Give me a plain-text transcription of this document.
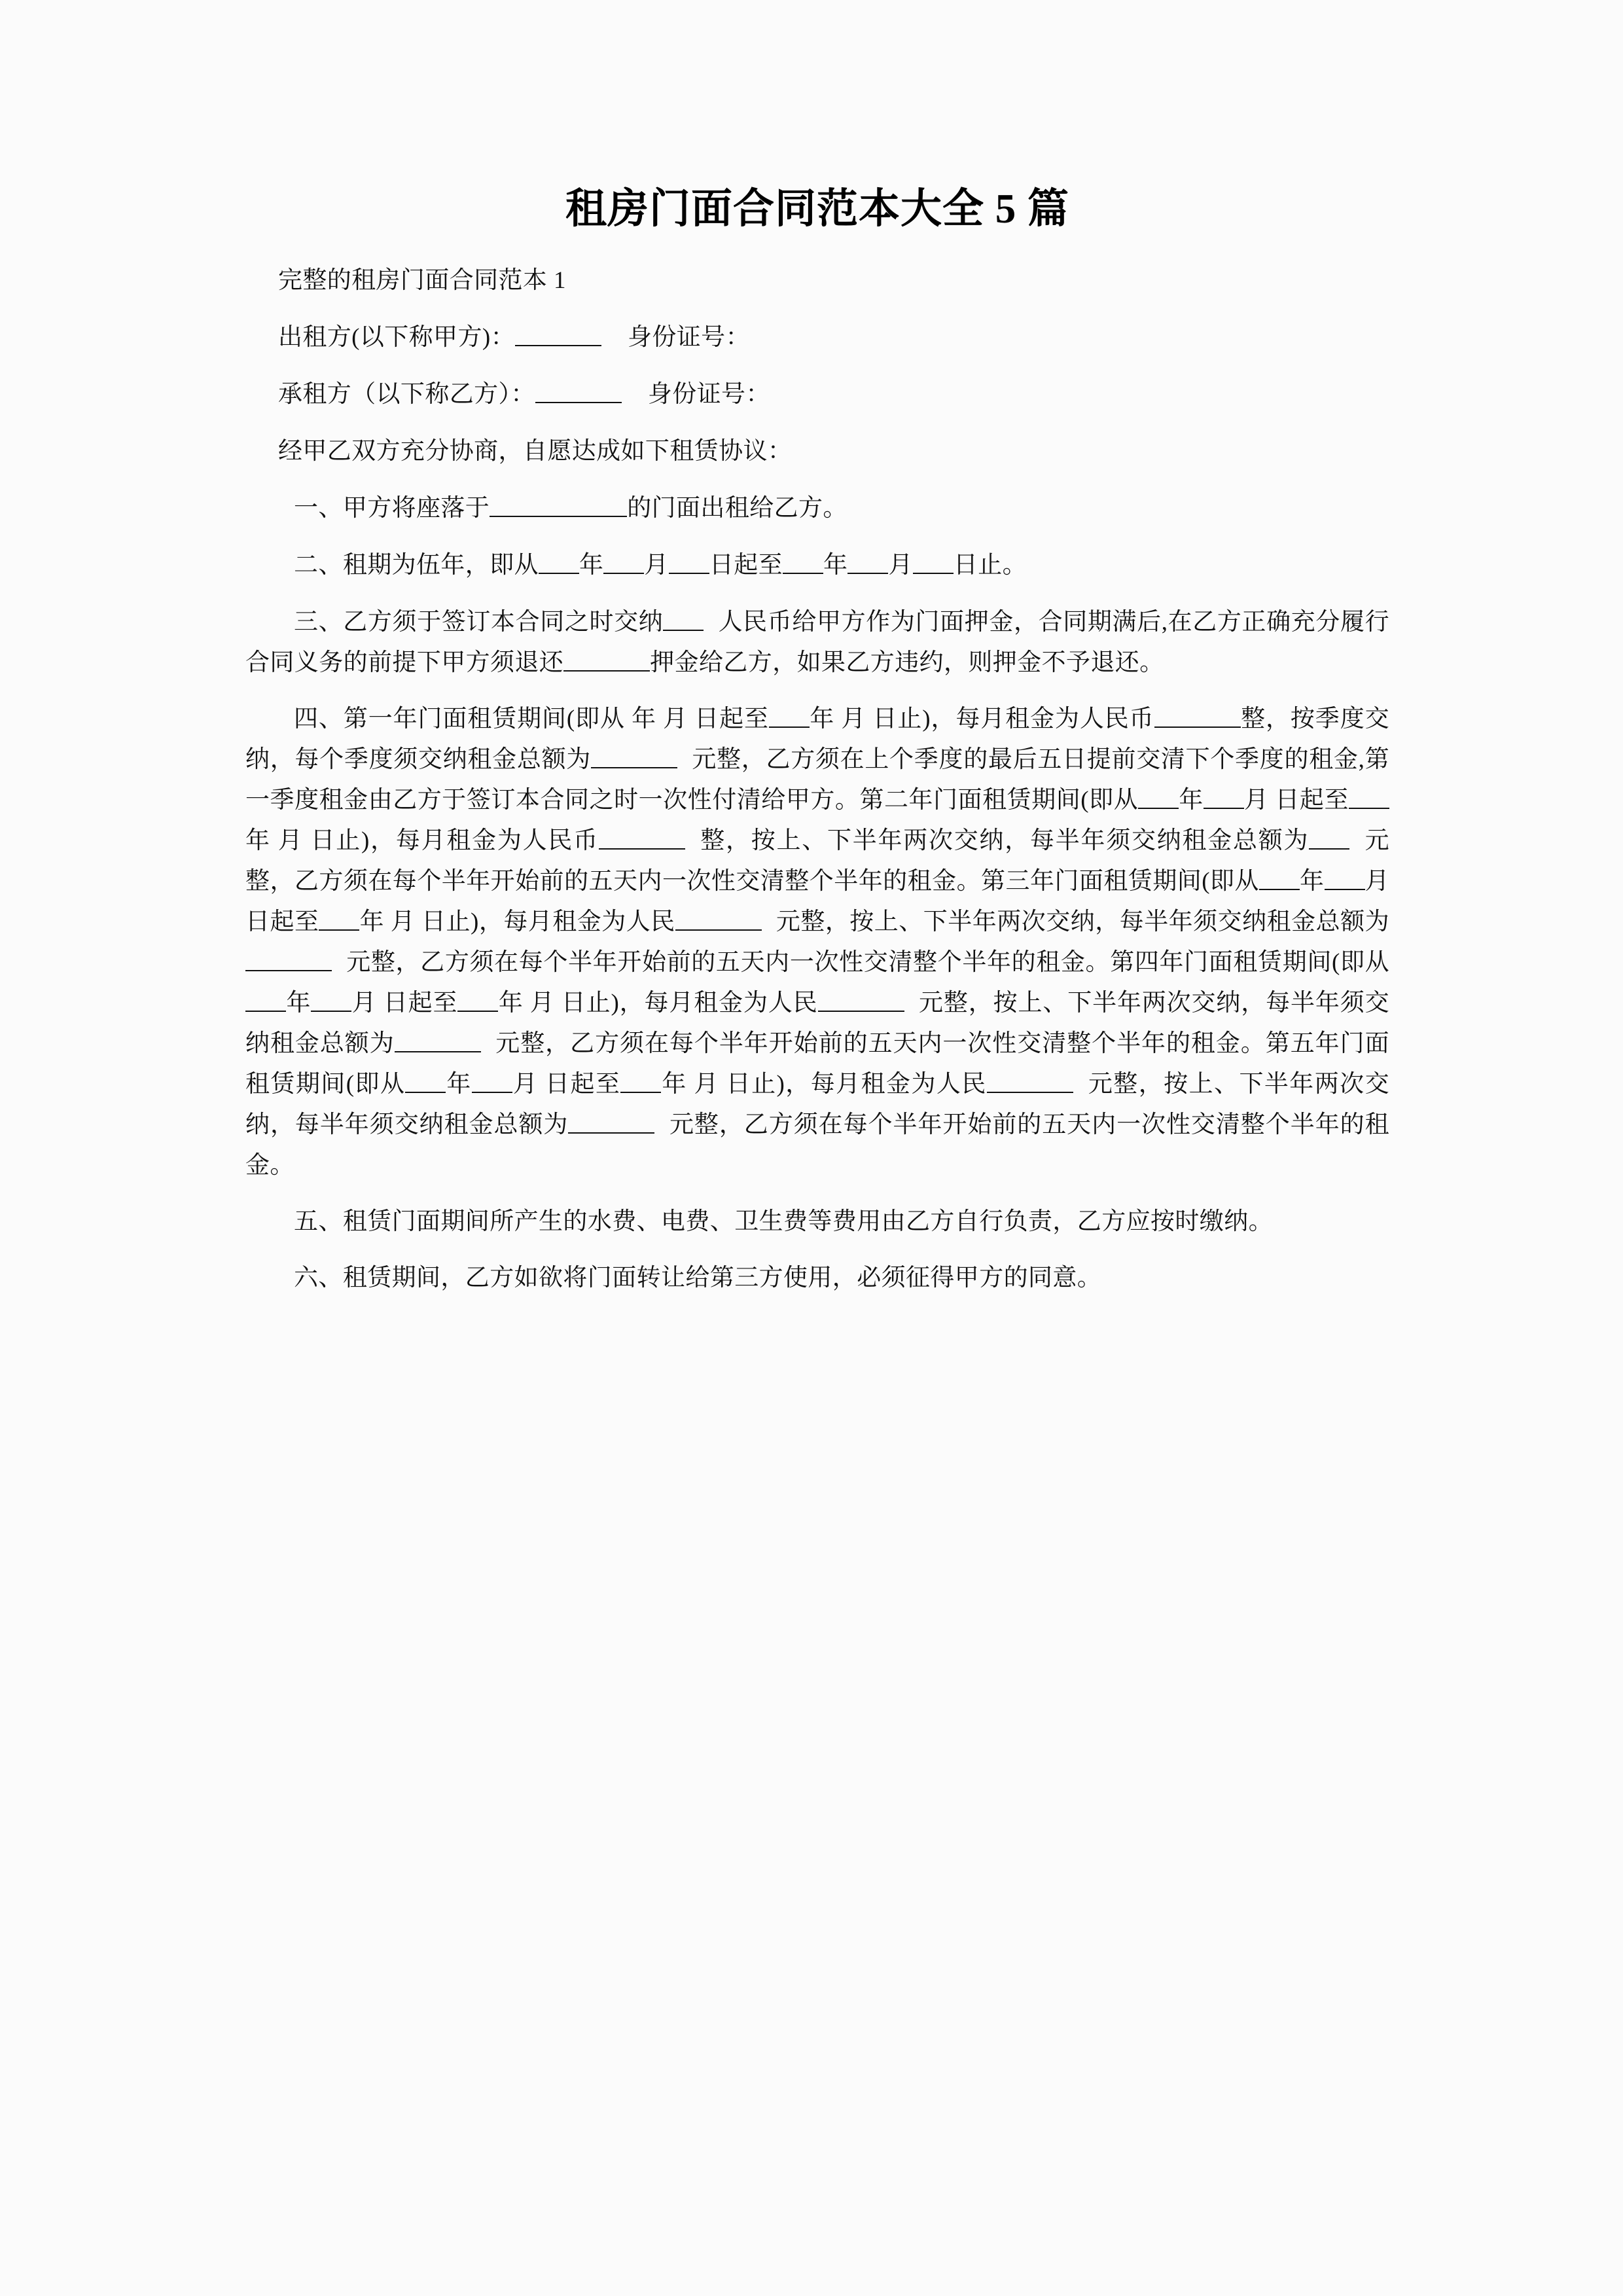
租房门面合同范本大全 5 篇

完整的租房门面合同范本 1

出租方(以下称甲方)：	身份证号：

承租方（以下称乙方）：	身份证号：

经甲乙双方充分协商，自愿达成如下租赁协议：

一、甲方将座落于	的门面出租给乙方。

二、租期为伍年，即从 年 月 日起至 年 月 日止。

三、乙方须于签订本合同之时交纳 人民币给甲方作为门面押金，合同期满后,在乙方正确充分履行合同义务的前提下甲方须退还	押金给乙方，如果乙方违约，则押金不予退还。

四、第一年门面租赁期间(即从 年 月 日起至 年 月 日止)，每月租金为人民币	整，按季度交纳，每个季度须交纳租金总额为	元整，乙方须在上个季度的最后五日提前交清下个季度的租金,第一季度租金由乙方于签订本合同之时一次性付清给甲方。第二年门面租赁期间(即从 年 月 日起至年 月 日止)，每月租金为人民币	整，按上、下半年两次交纳，每半年须交纳租金总额为 元整，乙方须在每个半年开始前的五天内一次性交清整个半年的租金。第三年门面租赁期间(即从 年 月 日起至 年 月 日止)，每月租金为人民	元整，按上、下半年两次交纳，每半年须交纳租金总额为元整，乙方须在每个半年开始前的五天内一次性交清整个半年的租金。第四年门面租赁期间(即从年 月 日起至 年 月 日止)，每月租金为人民	元整，按上、下半年两次交纳，每半年须交纳租金总额为	元整，乙方须在每个半年开始前的五天内一次性交清整个半年的租金。第五年门面租赁期间(即从 年 月 日起至 年 月 日止)，每月租金为人民	元整，按上、下半年两次交纳，每半年须交纳租金总额为	元整，乙方须在每个半年开始前的五天内一次性交清整个半年的租金。

五、租赁门面期间所产生的水费、电费、卫生费等费用由乙方自行负责，乙方应按时缴纳。

六、租赁期间，乙方如欲将门面转让给第三方使用，必须征得甲方的同意。
